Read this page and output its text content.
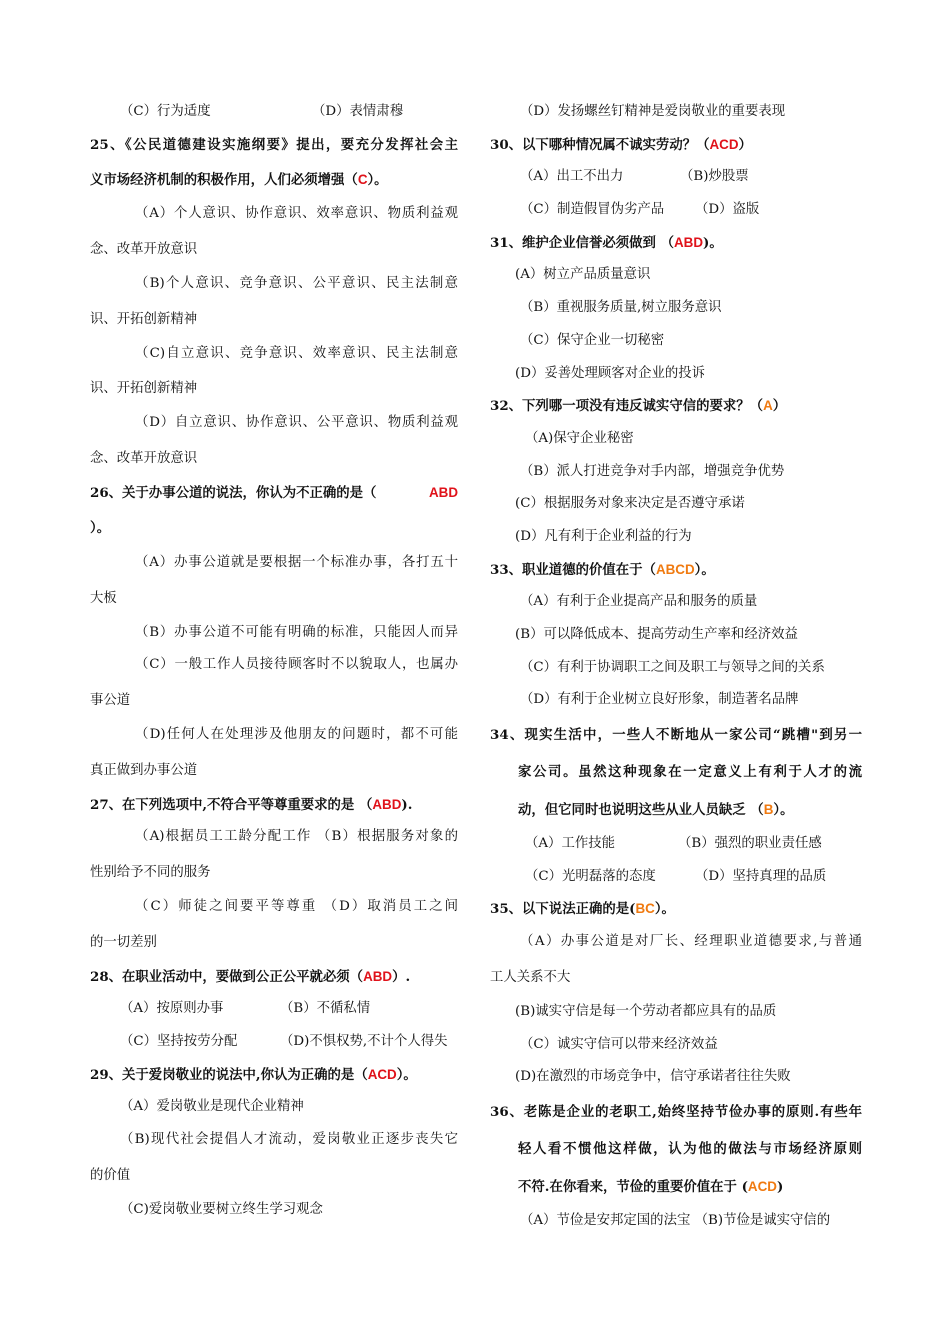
（C）行为适度	（D）表情肃穆
25、《公民道德建设实施纲要》提出，要充分发挥社会主
义市场经济机制的积极作用，人们必须增强（C）。
（A）个人意识、协作意识、效率意识、物质利益观
念、改革开放意识
（B)个人意识、竞争意识、公平意识、民主法制意
识、开拓创新精神
（C)自立意识、竞争意识、效率意识、民主法制意
识、开拓创新精神
（D）自立意识、协作意识、公平意识、物质利益观
念、改革开放意识
26、关于办事公道的说法，你认为不正确的是（	ABD
）。
（A）办事公道就是要根据一个标准办事，各打五十
大板
（B）办事公道不可能有明确的标准，只能因人而异
（C）一般工作人员接待顾客时不以貌取人，也属办
事公道
（D)任何人在处理涉及他朋友的问题时，都不可能
真正做到办事公道
27、在下列选项中,不符合平等尊重要求的是 （ABD).
（A)根据员工工龄分配工作 （B）根据服务对象的
性别给予不同的服务
（C）师徒之间要平等尊重 （D）取消员工之间
的一切差别
28、在职业活动中，要做到公正公平就必须（ABD）.
（A）按原则办事	（B）不循私情
（C）坚持按劳分配	（D)不惧权势,不计个人得失
29、关于爱岗敬业的说法中,你认为正确的是（ACD）。
（A）爱岗敬业是现代企业精神
（B)现代社会提倡人才流动，爱岗敬业正逐步丧失它
的价值
（C)爱岗敬业要树立终生学习观念
（D）发扬螺丝钉精神是爱岗敬业的重要表现
30、以下哪种情况属不诚实劳动？（ACD）
（A）出工不出力	（B)炒股票
（C）制造假冒伪劣产品 （D）盗版
31、维护企业信誉必须做到 （ABD)。
(A）树立产品质量意识
（B）重视服务质量,树立服务意识
（C）保守企业一切秘密
(D）妥善处理顾客对企业的投诉
32、下列哪一项没有违反诚实守信的要求？（A）
（A)保守企业秘密
（B）派人打进竞争对手内部，增强竞争优势
(C）根据服务对象来决定是否遵守承诺
(D）凡有利于企业利益的行为
33、职业道德的价值在于（ABCD）。
（A）有利于企业提高产品和服务的质量
(B）可以降低成本、提高劳动生产率和经济效益
（C）有利于协调职工之间及职工与领导之间的关系
（D）有利于企业树立良好形象，制造著名品牌
34、现实生活中，一些人不断地从一家公司“跳槽"到另一
家公司。虽然这种现象在一定意义上有利于人才的流
动，但它同时也说明这些从业人员缺乏 （B）。
（A）工作技能	（B）强烈的职业责任感
（C）光明磊落的态度	（D）坚持真理的品质
35、以下说法正确的是(BC）。
（A）办事公道是对厂长、经理职业道德要求,与普通
工人关系不大
(B)诚实守信是每一个劳动者都应具有的品质
（C）诚实守信可以带来经济效益
(D)在激烈的市场竞争中，信守承诺者往往失败
36、老陈是企业的老职工,始终坚持节俭办事的原则.有些年
轻人看不惯他这样做，认为他的做法与市场经济原则
不符.在你看来，节俭的重要价值在于 (ACD)
（A）节俭是安邦定国的法宝 （B)节俭是诚实守信的
